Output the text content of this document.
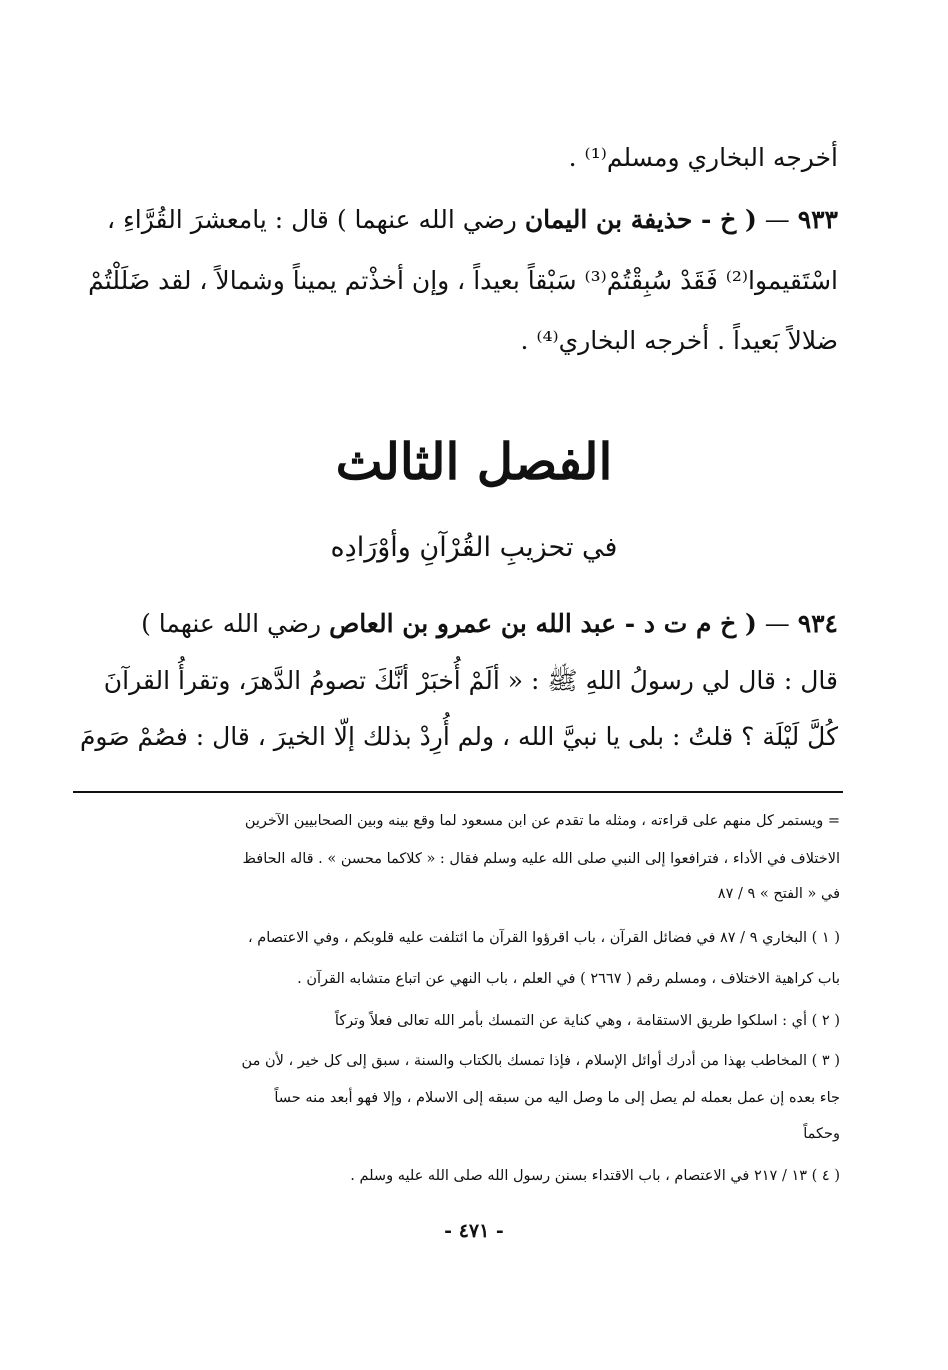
أخرجه البخاري ومسلم⁽¹⁾ .
٩٣٣ — ( خ - حذيفة بن اليمان رضي الله عنهما ) قال : يامعشرَ القُرَّاءِ ،
اسْتَقيموا⁽²⁾ فَقَدْ سُبِقْتُمْ⁽³⁾ سَبْقاً بعيداً ، وإن أخذْتم يميناً وشمالاً ، لقد ضَلَلْتُمْ
ضلالاً بَعيداً . أخرجه البخاري⁽⁴⁾ .
الفصل الثالث
في تحزيبِ القُرْآنِ وأوْرَادِه
٩٣٤ — ( خ م ت د - عبد الله بن عمرو بن العاص رضي الله عنهما )
قال : قال لي رسولُ اللهِ ﷺ : « ألَمْ أُخبَرْ أنَّكَ تصومُ الدَّهرَ، وتقرأُ القرآنَ
كُلَّ لَيْلَة ؟ قلتُ : بلى يا نبيَّ الله ، ولم أُرِدْ بذلك إلّا الخيرَ ، قال : فصُمْ صَومَ
= ويستمر كل منهم على قراءته ، ومثله ما تقدم عن ابن مسعود لما وقع بينه وبين الصحابيين الآخرين
الاختلاف في الأداء ، فترافعوا إلى النبي صلى الله عليه وسلم فقال : « كلاكما محسن » . قاله الحافظ
في « الفتح » ٩ / ٨٧
( ١ ) البخاري ٩ / ٨٧ في فضائل القرآن ، باب اقرؤوا القرآن ما ائتلفت عليه قلوبكم ، وفي الاعتصام ،
باب كراهية الاختلاف ، ومسلم رقم ( ٢٦٦٧ ) في العلم ، باب النهي عن اتباع متشابه القرآن .
( ٢ ) أي : اسلكوا طريق الاستقامة ، وهي كناية عن التمسك بأمر الله تعالى فعلاً وتركاً
( ٣ ) المخاطب بهذا من أدرك أوائل الإسلام ، فإذا تمسك بالكتاب والسنة ، سبق إلى كل خير ، لأن من
جاء بعده إن عمل بعمله لم يصل إلى ما وصل اليه من سبقه إلى الاسلام ، وإلا فهو أبعد منه حساً
وحكماً
( ٤ ) ١٣ / ٢١٧ في الاعتصام ، باب الاقتداء بسنن رسول الله صلى الله عليه وسلم .
- ٤٧١ -
